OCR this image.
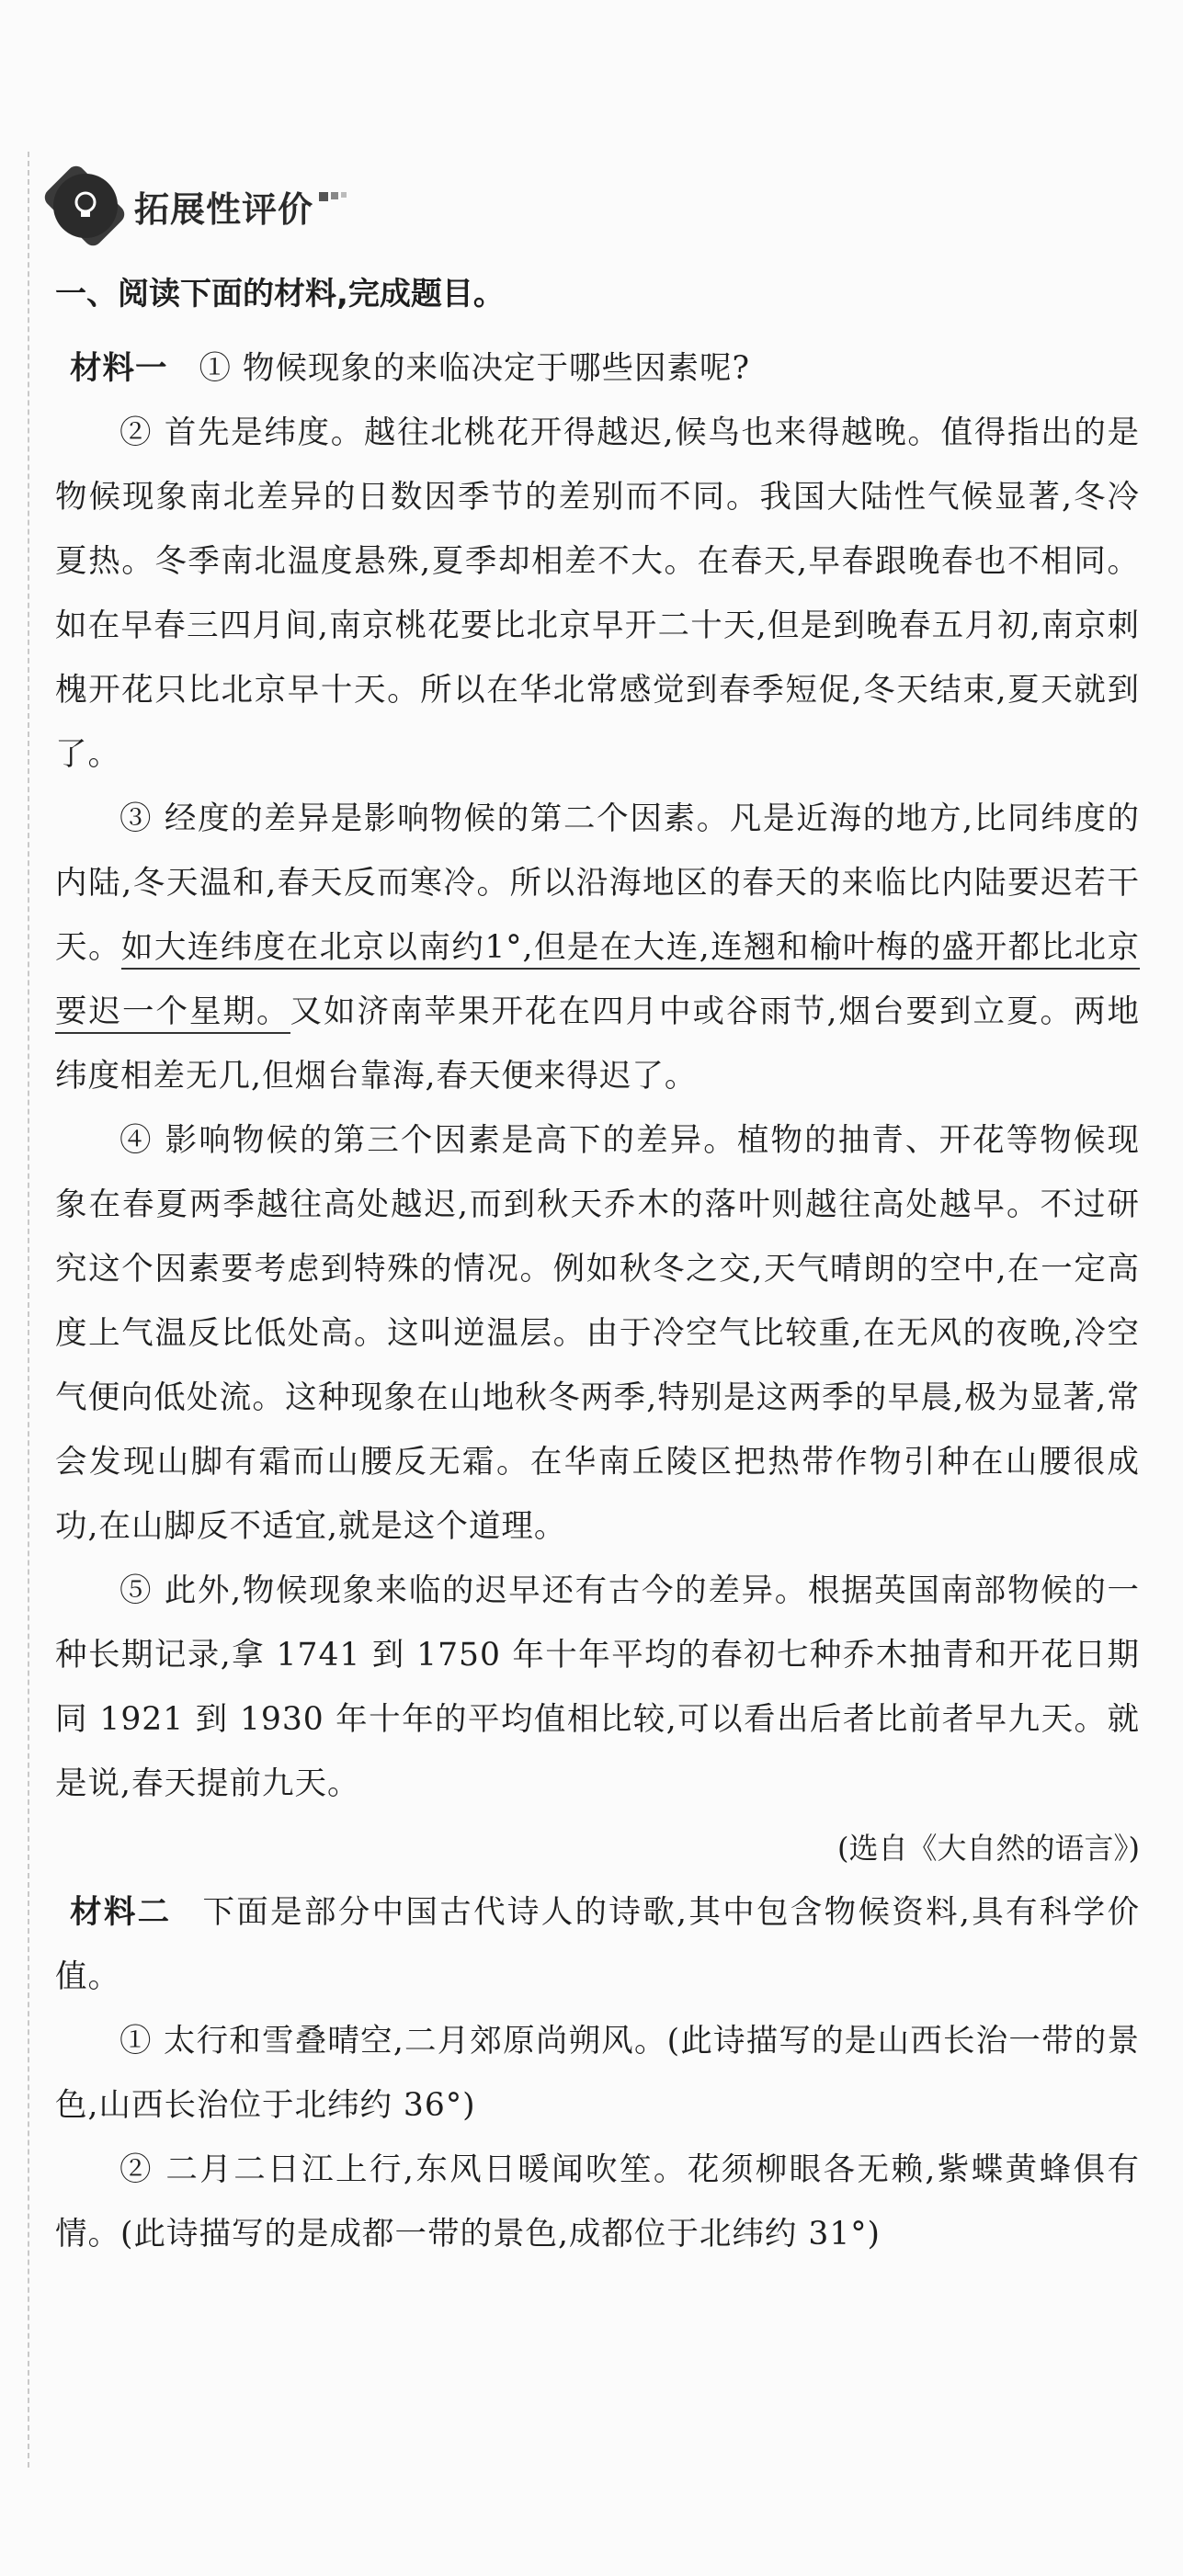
拓展性评价
一、阅读下面的材料,完成题目。

材料一 ① 物候现象的来临决定于哪些因素呢?

② 首先是纬度。越往北桃花开得越迟,候鸟也来得越晚。值得指出的是物候现象南北差异的日数因季节的差别而不同。我国大陆性气候显著,冬冷夏热。冬季南北温度悬殊,夏季却相差不大。在春天,早春跟晚春也不相同。如在早春三四月间,南京桃花要比北京早开二十天,但是到晚春五月初,南京刺槐开花只比北京早十天。所以在华北常感觉到春季短促,冬天结束,夏天就到了。

③ 经度的差异是影响物候的第二个因素。凡是近海的地方,比同纬度的内陆,冬天温和,春天反而寒冷。所以沿海地区的春天的来临比内陆要迟若干天。如大连纬度在北京以南约1°,但是在大连,连翘和榆叶梅的盛开都比北京要迟一个星期。又如济南苹果开花在四月中或谷雨节,烟台要到立夏。两地纬度相差无几,但烟台靠海,春天便来得迟了。

④ 影响物候的第三个因素是高下的差异。植物的抽青、开花等物候现象在春夏两季越往高处越迟,而到秋天乔木的落叶则越往高处越早。不过研究这个因素要考虑到特殊的情况。例如秋冬之交,天气晴朗的空中,在一定高度上气温反比低处高。这叫逆温层。由于冷空气比较重,在无风的夜晚,冷空气便向低处流。这种现象在山地秋冬两季,特别是这两季的早晨,极为显著,常会发现山脚有霜而山腰反无霜。在华南丘陵区把热带作物引种在山腰很成功,在山脚反不适宜,就是这个道理。

⑤ 此外,物候现象来临的迟早还有古今的差异。根据英国南部物候的一种长期记录,拿 1741 到 1750 年十年平均的春初七种乔木抽青和开花日期同 1921 到 1930 年十年的平均值相比较,可以看出后者比前者早九天。就是说,春天提前九天。

(选自《大自然的语言》)

材料二 下面是部分中国古代诗人的诗歌,其中包含物候资料,具有科学价值。

① 太行和雪叠晴空,二月郊原尚朔风。(此诗描写的是山西长治一带的景色,山西长治位于北纬约 36°)

② 二月二日江上行,东风日暖闻吹笙。花须柳眼各无赖,紫蝶黄蜂俱有情。(此诗描写的是成都一带的景色,成都位于北纬约 31°)
